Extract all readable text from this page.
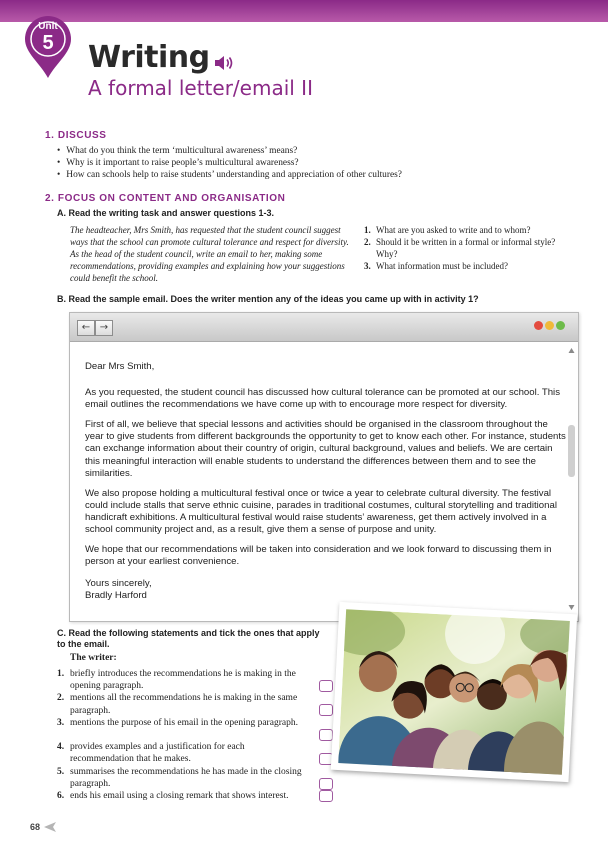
Unit
5	Writing
A formal letter/email II
1. DISCUSS
• What do you think the term ‘multicultural awareness’ means?
• Why is it important to raise people’s multicultural awareness?
• How can schools help to raise students’ understanding and appreciation of other cultures?
2. FOCUS ON CONTENT AND ORGANISATION
A. Read the writing task and answer questions 1-3.
The headteacher, Mrs Smith, has requested that the student council suggest ways that the school can promote cultural tolerance and respect for diversity. As the head of the student council, write an email to her, making some recommendations, providing examples and explaining how your suggestions could benefit the school.
1. What are you asked to write and to whom?
2. Should it be written in a formal or informal style? Why?
3. What information must be included?
B. Read the sample email. Does the writer mention any of the ideas you came up with in activity 1?
← →

Dear Mrs Smith,

As you requested, the student council has discussed how cultural tolerance can be promoted at our school. This email outlines the recommendations we have come up with to encourage more respect for diversity.

First of all, we believe that special lessons and activities should be organised in the classroom throughout the year to give students from different backgrounds the opportunity to get to know each other. For instance, students can exchange information about their country of origin, cultural background, values and beliefs. We are certain this meaningful interaction will enable students to understand the differences between them and to see the similarities.

We also propose holding a multicultural festival once or twice a year to celebrate cultural diversity. The festival could include stalls that serve ethnic cuisine, parades in traditional costumes, cultural storytelling and traditional handicraft exhibitions. A multicultural festival would raise students’ awareness, get them actively involved in a school community project and, as a result, give them a sense of purpose and unity.

We hope that our recommendations will be taken into consideration and we look forward to discussing them in person at your earliest convenience.

Yours sincerely,
Bradly Harford
C. Read the following statements and tick the ones that apply to the email.
The writer:
1. briefly introduces the recommendations he is making in the opening paragraph.
2. mentions all the recommendations he is making in the same paragraph.
3. mentions the purpose of his email in the opening paragraph.
4. provides examples and a justification for each recommendation that he makes.
5. summarises the recommendations he has made in the closing paragraph.
6. ends his email using a closing remark that shows interest.
68
